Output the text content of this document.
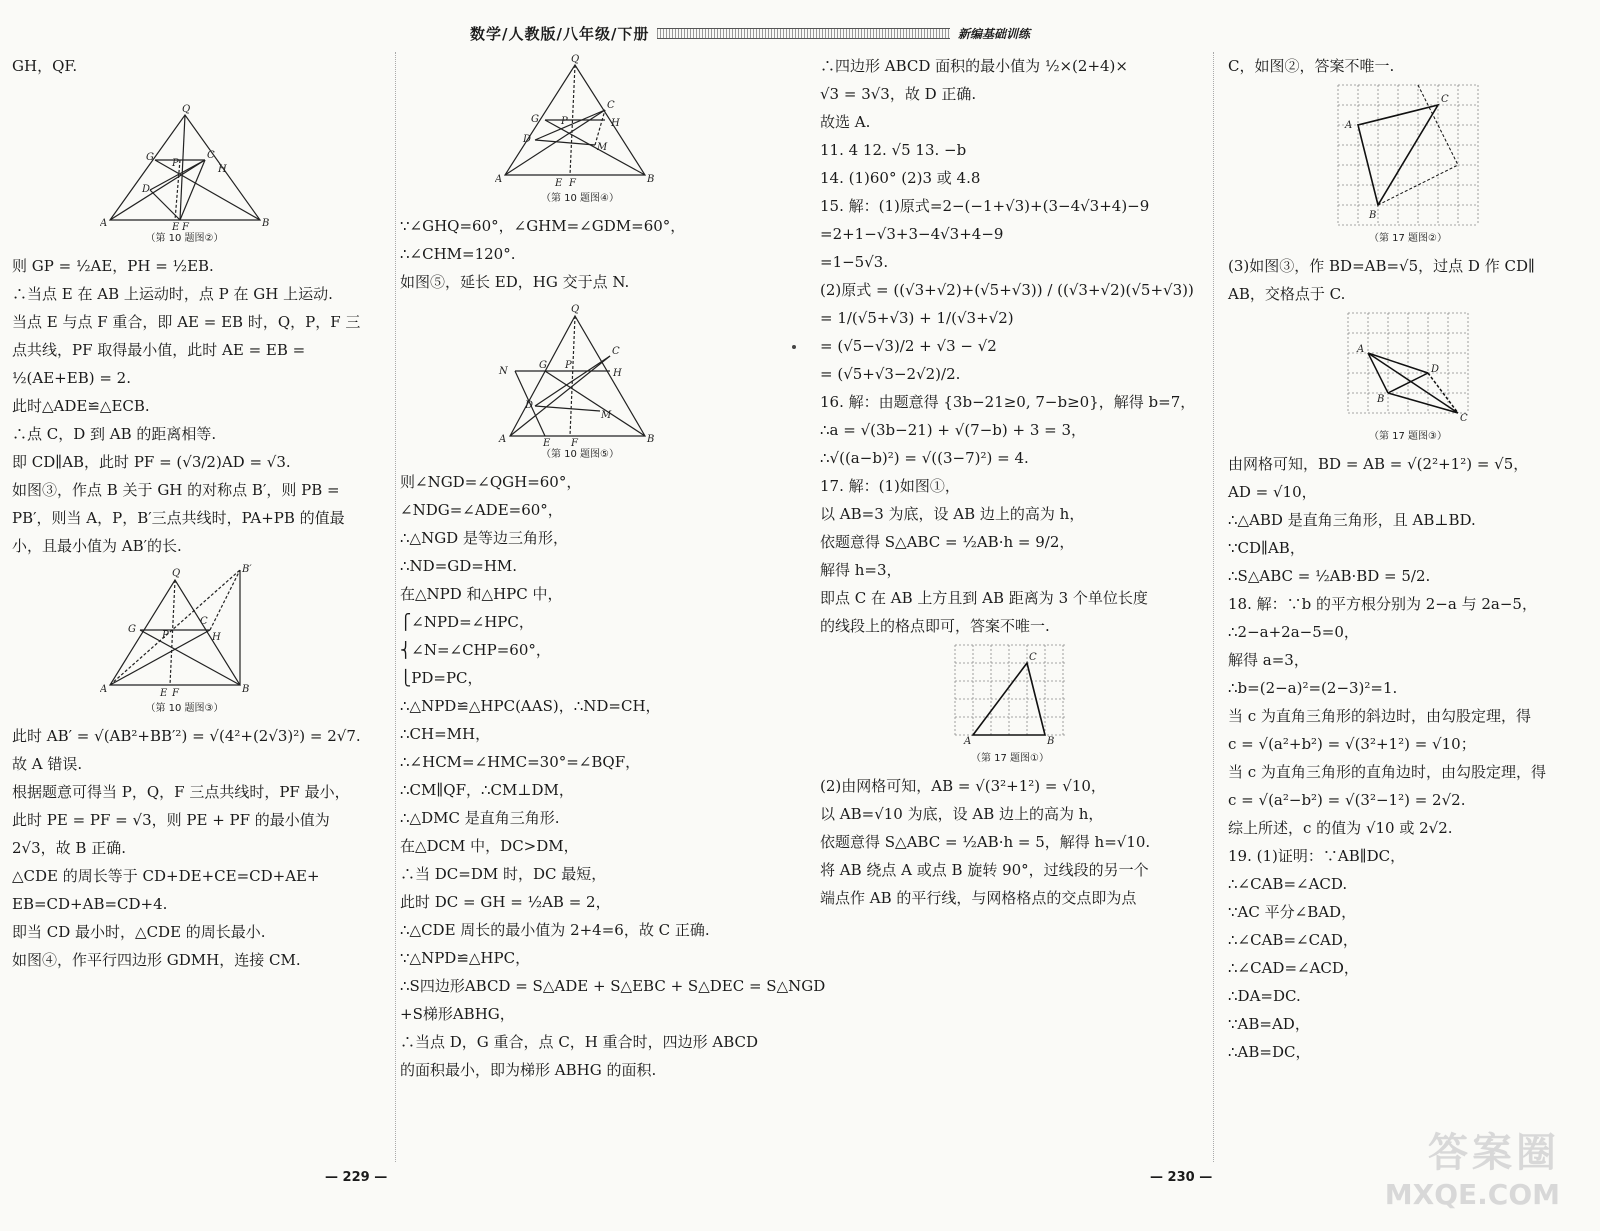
数学/人教版/八年级/下册	新编基础训练

GH，QF.

Q
A	B
C
D
G
H
P
E F
（第 10 题图②）

则 GP = ½AE，PH = ½EB.

∴当点 E 在 AB 上运动时，点 P 在 GH 上运动.

当点 E 与点 F 重合，即 AE = EB 时，Q，P，F 三

点共线，PF 取得最小值，此时 AE = EB =

½(AE+EB) = 2.

此时△ADE≌△ECB.

∴点 C，D 到 AB 的距离相等.

即 CD∥AB，此时 PF = (√3/2)AD = √3.

如图③，作点 B 关于 GH 的对称点 B′，则 PB =

PB′，则当 A，P，B′三点共线时，PA+PB 的值最

小，且最小值为 AB′的长.

Q	B′
A	B
C
G
H
P
E F
（第 10 题图③）

此时 AB′ = √(AB²+BB′²) = √(4²+(2√3)²) = 2√7.

故 A 错误.

根据题意可得当 P，Q，F 三点共线时，PF 最小，

此时 PE = PF = √3，则 PE + PF 的最小值为

2√3，故 B 正确.

△CDE 的周长等于 CD+DE+CE=CD+AE+

EB=CD+AB=CD+4.

即当 CD 最小时，△CDE 的周长最小.

如图④，作平行四边形 GDMH，连接 CM.

Q
A	B
C
D
G	H
P
M
E F
（第 10 题图④）

∵∠GHQ=60°，∠GHM=∠GDM=60°，

∴∠CHM=120°.

如图⑤，延长 ED，HG 交于点 N.

Q
N
A	B
C
D
G
H
P
M
E F
（第 10 题图⑤）

则∠NGD=∠QGH=60°，

∠NDG=∠ADE=60°，

∴△NGD 是等边三角形，

∴ND=GD=HM.

在△NPD 和△HPC 中，

⎧∠NPD=∠HPC，

⎨∠N=∠CHP=60°，

⎩PD=PC，

∴△NPD≌△HPC(AAS)，∴ND=CH，

∴CH=MH，

∴∠HCM=∠HMC=30°=∠BQF，

∴CM∥QF，∴CM⊥DM，

∴△DMC 是直角三角形.

在△DCM 中，DC>DM，

∴当 DC=DM 时，DC 最短，

此时 DC = GH = ½AB = 2，

∴△CDE 周长的最小值为 2+4=6，故 C 正确.

∵△NPD≌△HPC，

∴S四边形ABCD = S△ADE + S△EBC + S△DEC = S△NGD

+S梯形ABHG，

∴当点 D，G 重合，点 C，H 重合时，四边形 ABCD

的面积最小，即为梯形 ABHG 的面积.

∴四边形 ABCD 面积的最小值为 ½×(2+4)×

√3 = 3√3，故 D 正确.

故选 A.

11. 4 12. √5 13. −b

14. (1)60° (2)3 或 4.8

15. 解：(1)原式=2−(−1+√3)+(3−4√3+4)−9

=2+1−√3+3−4√3+4−9

=1−5√3.

(2)原式 = ((√3+√2)+(√5+√3)) / ((√3+√2)(√5+√3))

= 1/(√5+√3) + 1/(√3+√2)

= (√5−√3)/2 + √3 − √2

= (√5+√3−2√2)/2.

16. 解：由题意得 {3b−21≥0, 7−b≥0}，解得 b=7，

∴a = √(3b−21) + √(7−b) + 3 = 3，

∴√((a−b)²) = √((3−7)²) = 4.

17. 解：(1)如图①，

以 AB=3 为底，设 AB 边上的高为 h，

依题意得 S△ABC = ½AB·h = 9/2，

解得 h=3，

即点 C 在 AB 上方且到 AB 距离为 3 个单位长度

的线段上的格点即可，答案不唯一.

A	B
C
（第 17 题图①）

(2)由网格可知，AB = √(3²+1²) = √10，

以 AB=√10 为底，设 AB 边上的高为 h，

依题意得 S△ABC = ½AB·h = 5，解得 h=√10.

将 AB 绕点 A 或点 B 旋转 90°，过线段的另一个

端点作 AB 的平行线，与网格格点的交点即为点

C，如图②，答案不唯一.

A
B
C
（第 17 题图②）

(3)如图③，作 BD=AB=√5，过点 D 作 CD∥

AB，交格点于 C.

A
B
D
C
（第 17 题图③）

由网格可知，BD = AB = √(2²+1²) = √5，

AD = √10，

∴△ABD 是直角三角形，且 AB⊥BD.

∵CD∥AB，

∴S△ABC = ½AB·BD = 5/2.

18. 解：∵b 的平方根分别为 2−a 与 2a−5，

∴2−a+2a−5=0，

解得 a=3，

∴b=(2−a)²=(2−3)²=1.

当 c 为直角三角形的斜边时，由勾股定理，得

c = √(a²+b²) = √(3²+1²) = √10；

当 c 为直角三角形的直角边时，由勾股定理，得

c = √(a²−b²) = √(3²−1²) = 2√2.

综上所述，c 的值为 √10 或 2√2.

19. (1)证明：∵AB∥DC，

∴∠CAB=∠ACD.

∵AC 平分∠BAD，

∴∠CAB=∠CAD，

∴∠CAD=∠ACD，

∴DA=DC.

∵AB=AD，

∴AB=DC，

— 229 —	— 230 —
答案圈
MXQE.COM
